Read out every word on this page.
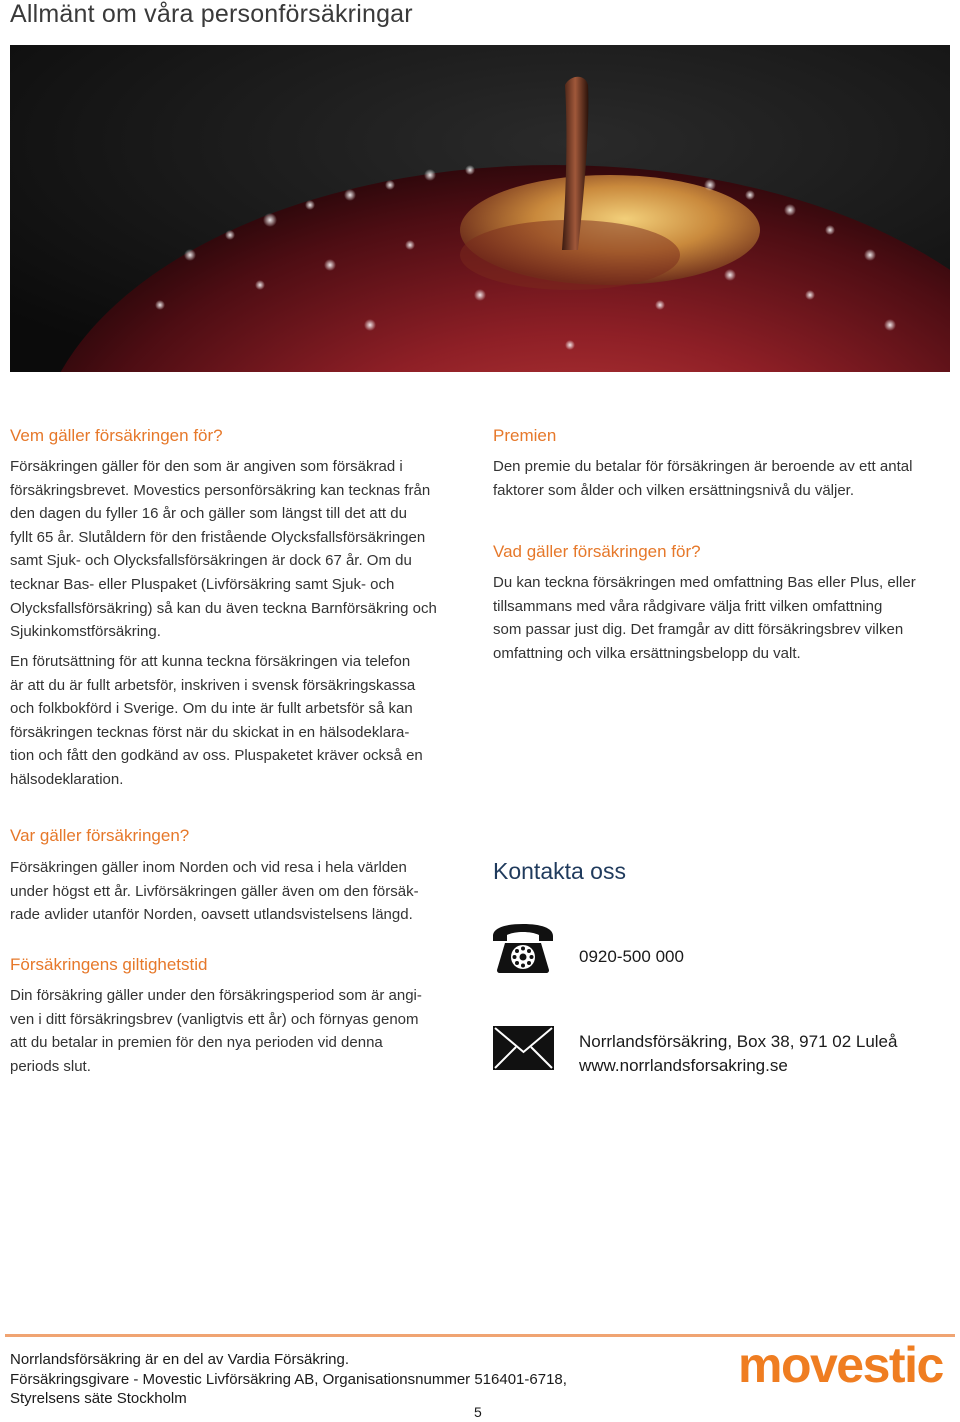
Allmänt om våra personförsäkringar
Vem gäller försäkringen för?
Försäkringen gäller för den som är angiven som försäkrad i
försäkringsbrevet. Movestics personförsäkring kan tecknas från
den dagen du fyller 16 år och gäller som längst till det att du
fyllt 65 år. Slutåldern för den fristående Olycksfallsförsäkringen
samt Sjuk- och Olycksfallsförsäkringen är dock 67 år. Om du
tecknar Bas- eller Pluspaket (Livförsäkring samt Sjuk- och
Olycksfallsförsäkring) så kan du även teckna Barnförsäkring och
Sjukinkomstförsäkring.
En förutsättning för att kunna teckna försäkringen via telefon
är att du är fullt arbetsför, inskriven i svensk försäkringskassa
och folkbokförd i Sverige. Om du inte är fullt arbetsför så kan
försäkringen tecknas först när du skickat in en hälsodeklara-
tion och fått den godkänd av oss. Pluspaketet kräver också en
hälsodeklaration.
Premien
Den premie du betalar för försäkringen är beroende av ett antal
faktorer som ålder och vilken ersättningsnivå du väljer.
Vad gäller försäkringen för?
Du kan teckna försäkringen med omfattning Bas eller Plus, eller
tillsammans med våra rådgivare välja fritt vilken omfattning
som passar just dig. Det framgår av ditt försäkringsbrev vilken
omfattning och vilka ersättningsbelopp du valt.
Var gäller försäkringen?
Försäkringen gäller inom Norden och vid resa i hela världen
under högst ett år. Livförsäkringen gäller även om den försäk-
rade avlider utanför Norden, oavsett utlandsvistelsens längd.
Försäkringens giltighetstid
Din försäkring gäller under den försäkringsperiod som är angi-
ven i ditt försäkringsbrev (vanligtvis ett år) och förnyas genom
att du betalar in premien för den nya perioden vid denna
periods slut.
Kontakta oss
0920-500 000
Norrlandsförsäkring, Box 38, 971 02 Luleå
www.norrlandsforsakring.se
Norrlandsförsäkring är en del av Vardia Försäkring.
Försäkringsgivare - Movestic Livförsäkring AB, Organisationsnummer 516401-6718,
Styrelsens säte Stockholm
movestic
5
